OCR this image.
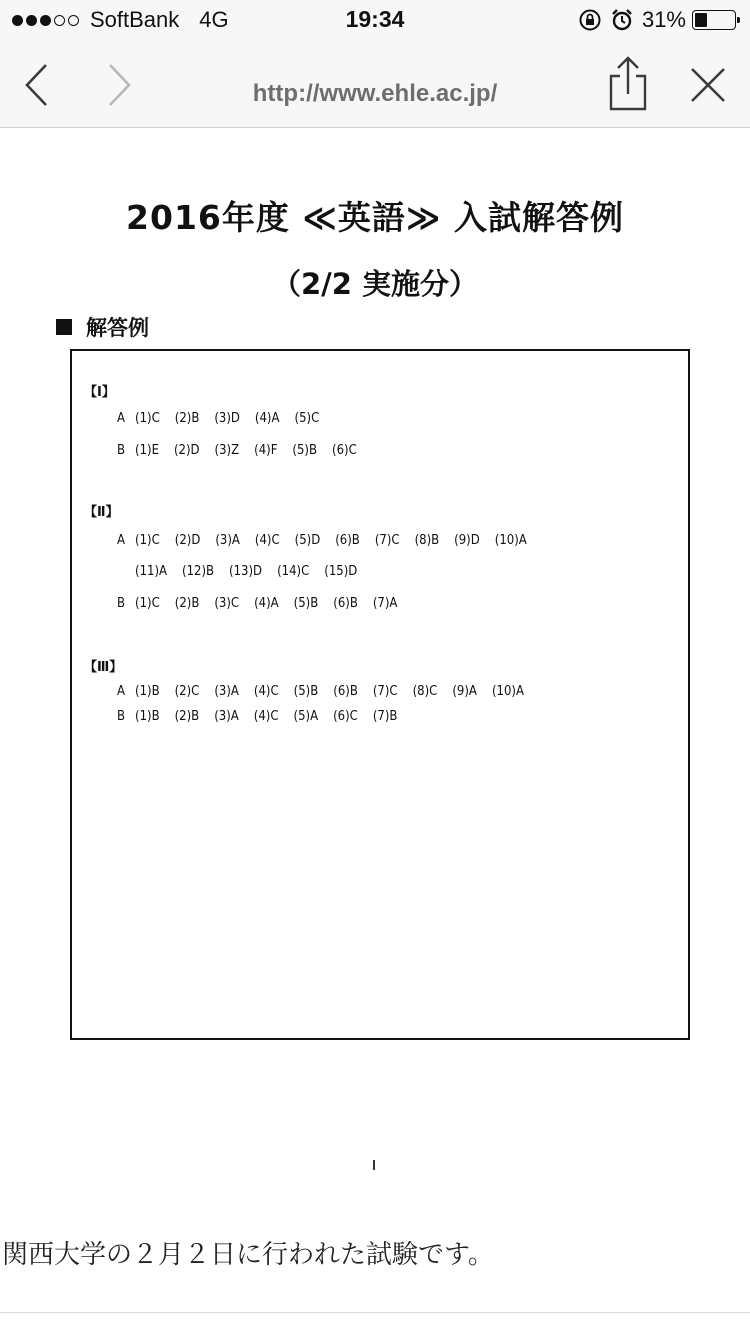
SoftBank 4G	19:34	31%
http://www.ehle.ac.jp/
2016年度 ≪英語≫ 入試解答例
（2/2 実施分）
解答例
【Ⅰ】
A (1)C (2)B (3)D (4)A (5)C
B (1)E (2)D (3)Z (4)F (5)B (6)C
【Ⅱ】
A (1)C (2)D (3)A (4)C (5)D (6)B (7)C (8)B (9)D (10)A
(11)A (12)B (13)D (14)C (15)D
B (1)C (2)B (3)C (4)A (5)B (6)B (7)A
【Ⅲ】
A (1)B (2)C (3)A (4)C (5)B (6)B (7)C (8)C (9)A (10)A
B (1)B (2)B (3)A (4)C (5)A (6)C (7)B
関西大学の２月２日に行われた試験です。
